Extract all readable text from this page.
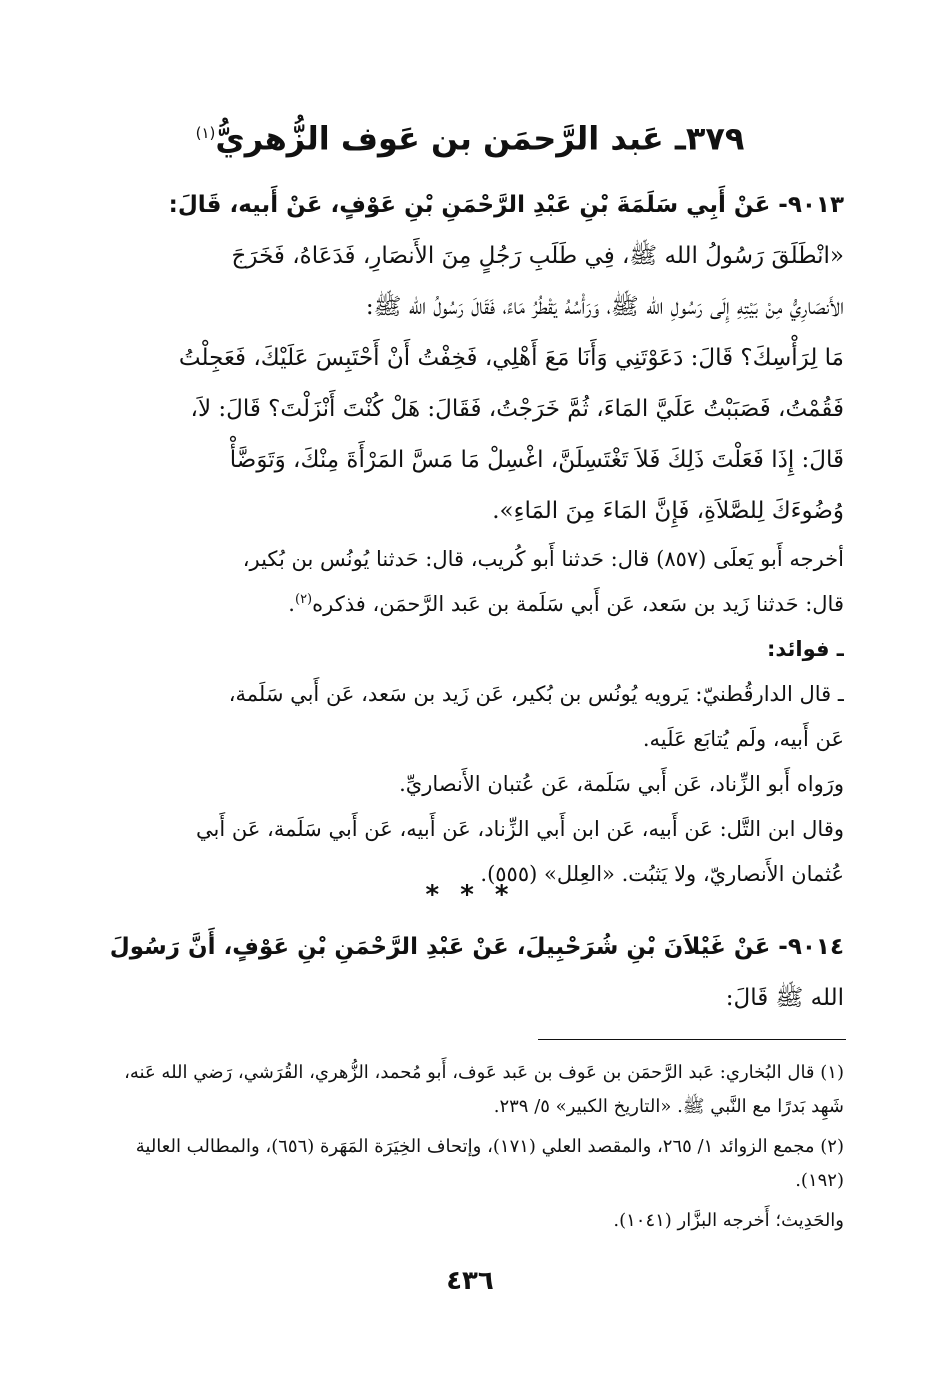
٣٧٩ـ عَبد الرَّحمَن بن عَوف الزُّهريُّ$^{(١)}$
٩٠١٣- عَنْ أَبِي سَلَمَةَ بْنِ عَبْدِ الرَّحْمَنِ بْنِ عَوْفٍ، عَنْ أَبيه، قَالَ:
«انْطَلَقَ رَسُولُ الله ﷺ، فِي طَلَبِ رَجُلٍ مِنَ الأَنصَارِ، فَدَعَاهُ، فَخَرَجَ
الأَنصَارِيُّ مِنْ بَيْتِهِ إِلَى رَسُولِ الله ﷺ، وَرَأْسُهُ يَقْطُرُ مَاءً، فَقَالَ رَسُولُ الله ﷺ:
مَا لِرَأْسِكَ؟ قَالَ: دَعَوْتَنِي وَأَنَا مَعَ أَهْلِي، فَخِفْتُ أَنْ أَحْتَبِسَ عَلَيْكَ، فَعَجِلْتُ
فَقُمْتُ، فَصَبَبْتُ عَلَيَّ المَاءَ، ثُمَّ خَرَجْتُ، فَقَالَ: هَلْ كُنْتَ أَنْزَلْتَ؟ قَالَ: لاَ،
قَالَ: إِذَا فَعَلْتَ ذَلِكَ فَلاَ تَغْتَسِلَنَّ، اغْسِلْ مَا مَسَّ المَرْأَةَ مِنْكَ، وَتَوَضَّأْ
وُضُوءَكَ لِلصَّلاَةِ، فَإِنَّ المَاءَ مِنَ المَاءِ».
أخرجه أَبو يَعلَى (٨٥٧) قال: حَدثنا أَبو كُريب، قال: حَدثنا يُونُس بن بُكير،
قال: حَدثنا زَيد بن سَعد، عَن أَبي سَلَمة بن عَبد الرَّحمَن، فذكره$^{(٢)}$.
ـ فوائد:
ـ قال الدارقُطنيّ: يَرويه يُونُس بن بُكير، عَن زَيد بن سَعد، عَن أَبي سَلَمة،
عَن أَبيه، ولَم يُتابَع عَلَيه.
ورَواه أَبو الزِّناد، عَن أَبي سَلَمة، عَن عُتبان الأَنصاريِّ.
وقال ابن التَّل: عَن أَبيه، عَن ابن أَبي الزِّناد، عَن أَبيه، عَن أَبي سَلَمة، عَن أَبي
عُثمان الأَنصاريّ، ولا يَثبُت. «العِلل» (٥٥٥).
* * *
٩٠١٤- عَنْ غَيْلاَنَ بْنِ شُرَحْبِيلَ، عَنْ عَبْدِ الرَّحْمَنِ بْنِ عَوْفٍ، أَنَّ رَسُولَ
الله ﷺ قَالَ:
(١) قال البُخاري: عَبد الرَّحمَن بن عَوف بن عَبد عَوف، أَبو مُحمد، الزُّهري، القُرَشي، رَضي الله عَنه،
شَهِد بَدرًا مع النَّبي ﷺ. «التاريخ الكبير» ٥/ ٢٣٩.
(٢) مجمع الزوائد ١/ ٢٦٥، والمقصد العلي (١٧١)، وإتحاف الخِيَرَة المَهَرة (٦٥٦)، والمطالب العالية
(١٩٢).
والحَدِيث؛ أَخرجه البزَّار (١٠٤١).
٤٣٦
